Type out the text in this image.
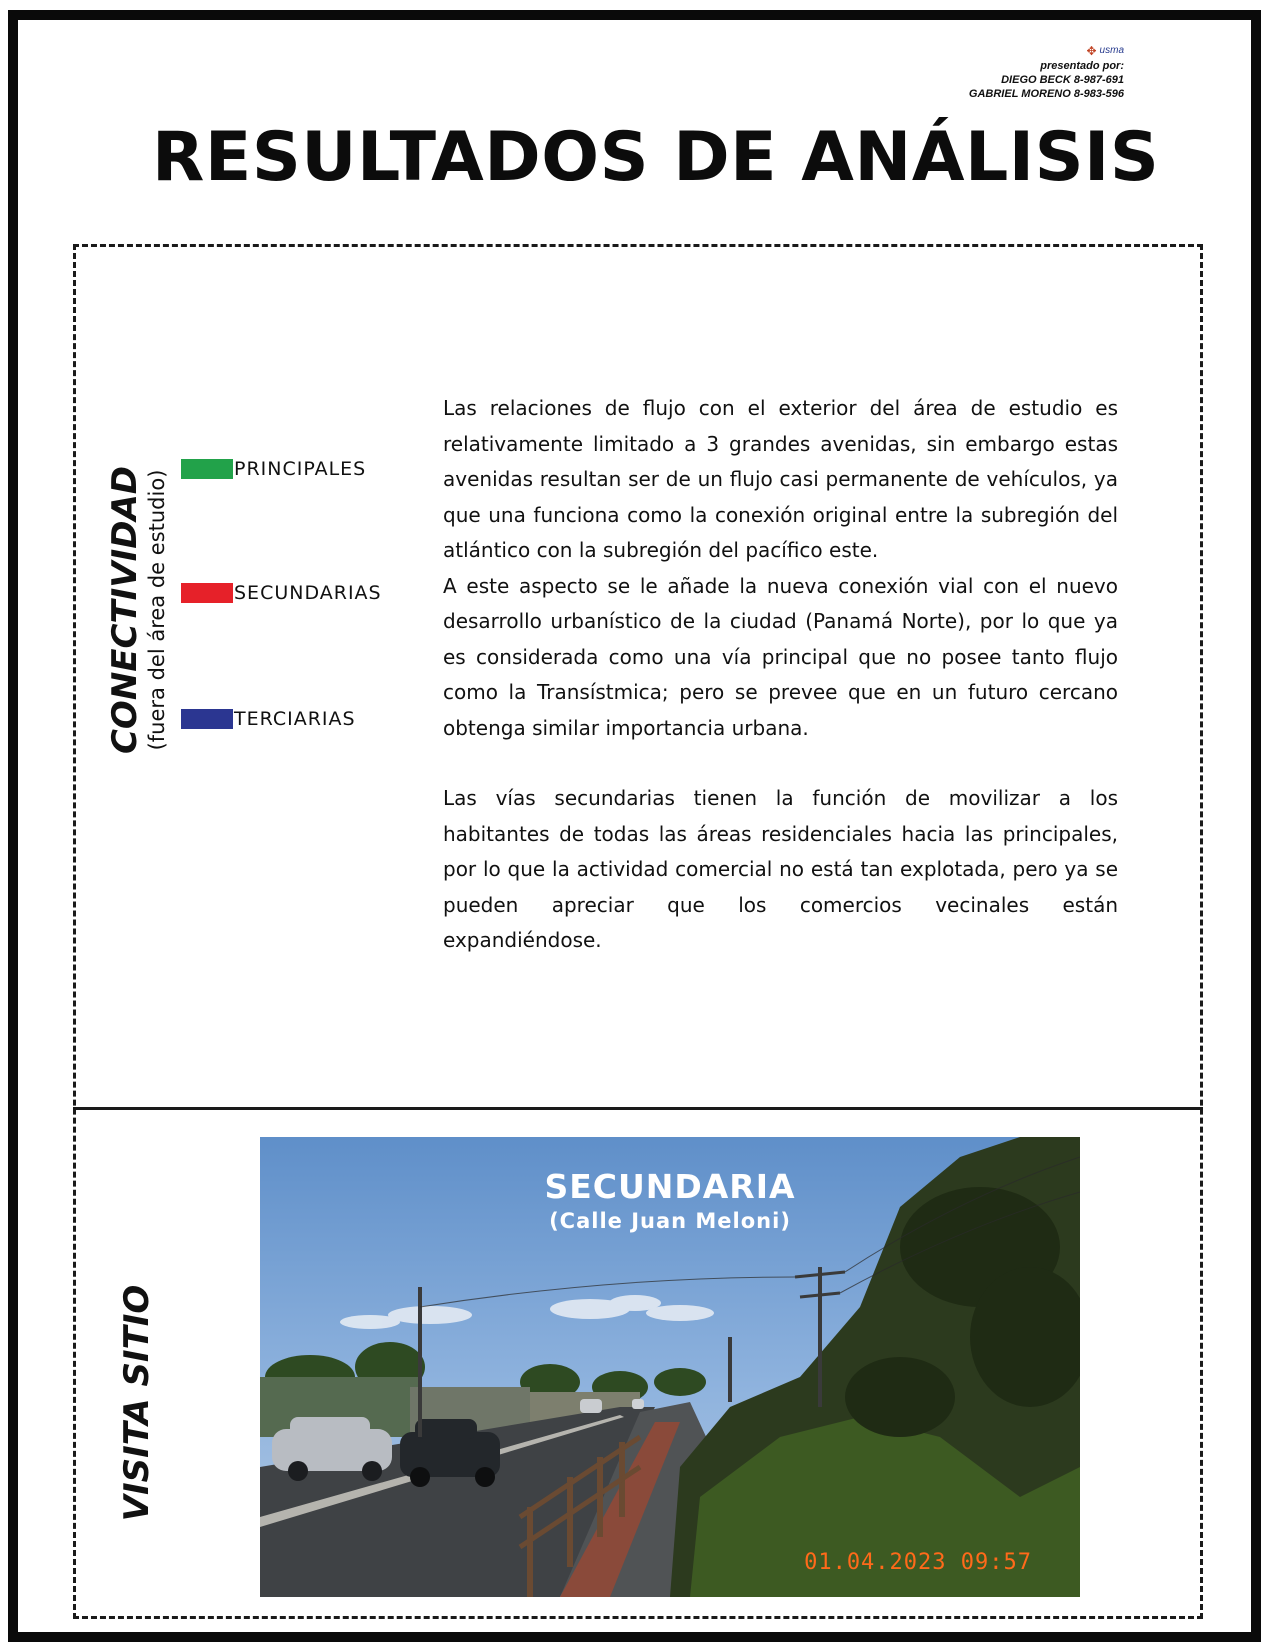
✥ usma
presentado por:
DIEGO BECK 8-987-691
GABRIEL MORENO 8-983-596
RESULTADOS DE ANÁLISIS
CONECTIVIDAD (fuera del área de estudio)
PRINCIPALES
SECUNDARIAS
TERCIARIAS

Las relaciones de flujo con el exterior del área de estudio es relativamente limitado a 3 grandes avenidas, sin embargo estas avenidas resultan ser de un flujo casi permanente de vehículos, ya que una funciona como la conexión original entre la subregión del atlántico con la subregión del pacífico este.

A este aspecto se le añade la nueva conexión vial con el nuevo desarrollo urbanístico de la ciudad (Panamá Norte), por lo que ya es considerada como una vía principal que no posee tanto flujo como la Transístmica; pero se prevee que en un futuro cercano obtenga similar importancia urbana.

Las vías secundarias tienen la función de movilizar a los habitantes de todas las áreas residenciales hacia las principales, por lo que la actividad comercial no está tan explotada, pero ya se pueden apreciar que los comercios vecinales están expandiéndose.

VISITA SITIO
SECUNDARIA
(Calle Juan Meloni)
01.04.2023 09:57
